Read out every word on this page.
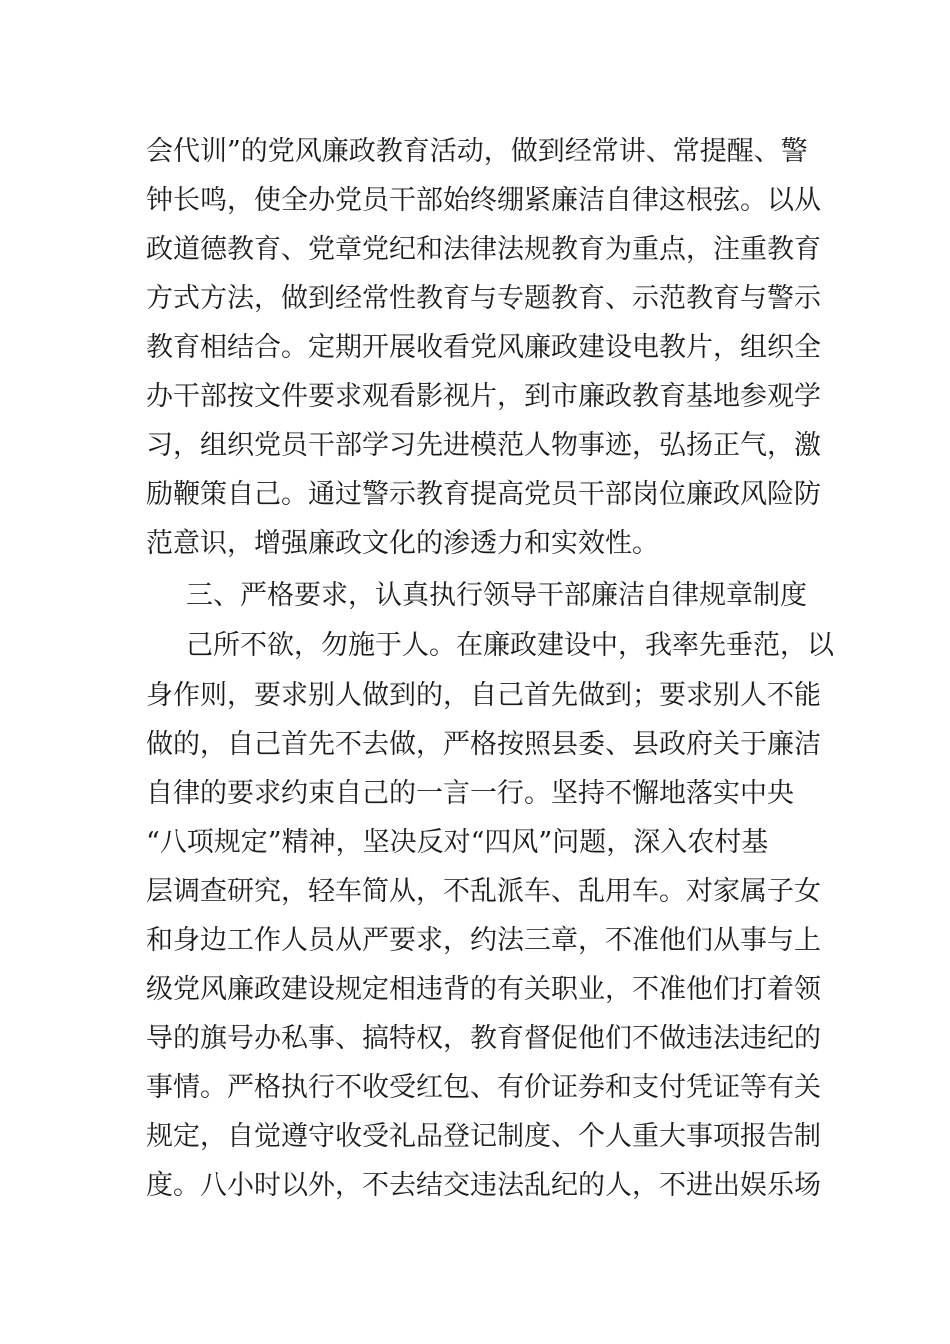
会代训”的党风廉政教育活动，做到经常讲、常提醒、警
钟长鸣，使全办党员干部始终绷紧廉洁自律这根弦。以从
政道德教育、党章党纪和法律法规教育为重点，注重教育
方式方法，做到经常性教育与专题教育、示范教育与警示
教育相结合。定期开展收看党风廉政建设电教片，组织全
办干部按文件要求观看影视片，到市廉政教育基地参观学
习，组织党员干部学习先进模范人物事迹，弘扬正气，激
励鞭策自己。通过警示教育提高党员干部岗位廉政风险防
范意识，增强廉政文化的渗透力和实效性。
三、严格要求，认真执行领导干部廉洁自律规章制度
己所不欲，勿施于人。在廉政建设中，我率先垂范，以
身作则，要求别人做到的，自己首先做到；要求别人不能
做的，自己首先不去做，严格按照县委、县政府关于廉洁
自律的要求约束自己的一言一行。坚持不懈地落实中央
“八项规定”精神，坚决反对“四风”问题，深入农村基
层调查研究，轻车简从，不乱派车、乱用车。对家属子女
和身边工作人员从严要求，约法三章，不准他们从事与上
级党风廉政建设规定相违背的有关职业，不准他们打着领
导的旗号办私事、搞特权，教育督促他们不做违法违纪的
事情。严格执行不收受红包、有价证券和支付凭证等有关
规定，自觉遵守收受礼品登记制度、个人重大事项报告制
度。八小时以外，不去结交违法乱纪的人，不进出娱乐场
